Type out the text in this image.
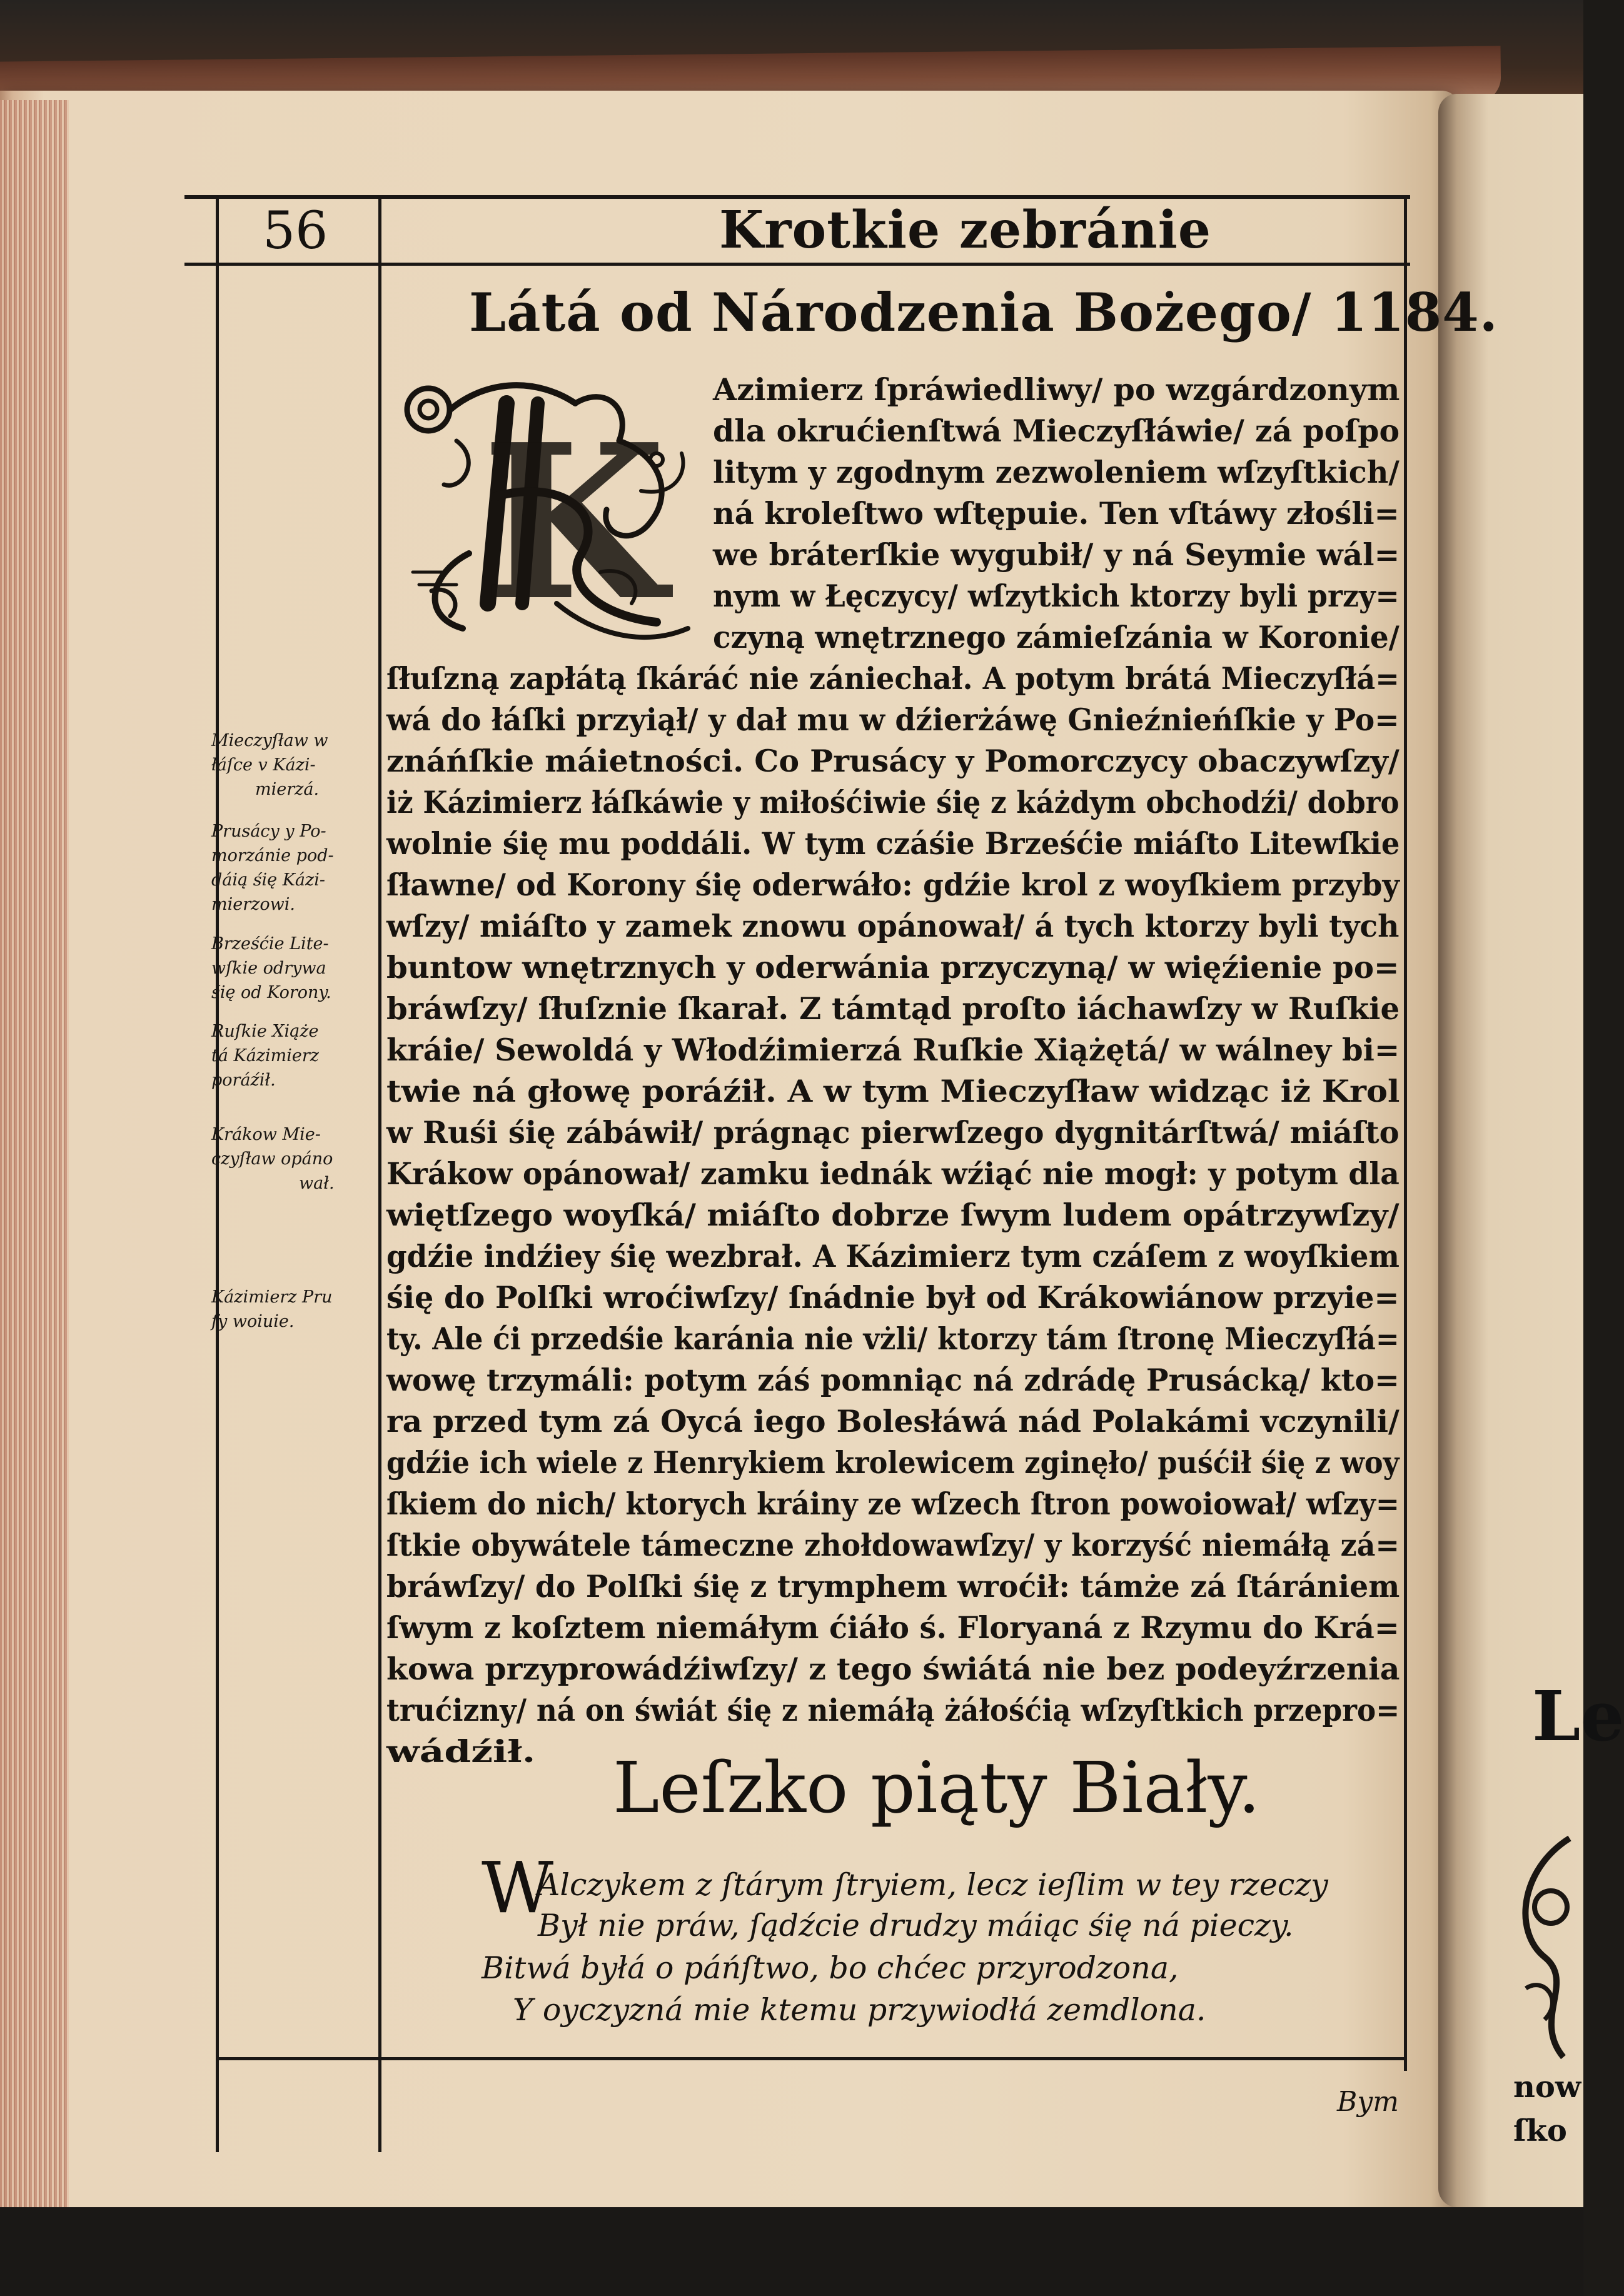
Le
now
ſko
56	Krotkie zebránie
Látá od Národzenia Bożego/ 1184.
K
Azimierz ſpráwiedliwy/ po wzgárdzonym
dla okrućienſtwá Mieczyſłáwie/ zá poſpo
litym y zgodnym zezwoleniem wſzyſtkich/
ná kroleſtwo wſtępuie. Ten vſtáwy złośli=
we bráterſkie wygubił/ y ná Seymie wál=
nym w Łęczycy/ wſzytkich ktorzy byli przy=
czyną wnętrznego zámieſzánia w Koronie/
ſłuſzną zapłátą ſkáráć nie zániechał. A potym brátá Mieczyſłá=
wá do łáſki przyiął/ y dał mu w dźierżáwę Gnieźnieńſkie y Po=
znáńſkie máietności. Co Prusácy y Pomorczycy obaczywſzy/
iż Kázimierz łáſkáwie y miłośćiwie śię z káżdym obchodźi/ dobro
wolnie śię mu poddáli. W tym czáśie Brześćie miáſto Litewſkie
ſławne/ od Korony śię oderwáło: gdźie krol z woyſkiem przyby
wſzy/ miáſto y zamek znowu opánował/ á tych ktorzy byli tych
buntow wnętrznych y oderwánia przyczyną/ w więźienie po=
bráwſzy/ ſłuſznie ſkarał. Z támtąd proſto iáchawſzy w Ruſkie
kráie/ Sewoldá y Włodźimierzá Ruſkie Xiążętá/ w wálney bi=
twie ná głowę poráźił. A w tym Mieczyſław widząc iż Krol
w Ruśi śię zábáwił/ prágnąc pierwſzego dygnitárſtwá/ miáſto
Krákow opánował/ zamku iednák wźiąć nie mogł: y potym dla
więtſzego woyſká/ miáſto dobrze ſwym ludem opátrzywſzy/
gdźie indźiey śię wezbrał. A Kázimierz tym czáſem z woyſkiem
śię do Polſki wroćiwſzy/ ſnádnie był od Krákowiánow przyie=
ty. Ale ći przedśie karánia nie vżli/ ktorzy tám ſtronę Mieczyſłá=
wowę trzymáli: potym záś pomniąc ná zdrádę Prusácką/ kto=
ra przed tym zá Oycá iego Bolesłáwá nád Polakámi vczynili/
gdźie ich wiele z Henrykiem krolewicem zginęło/ puśćił śię z woy
ſkiem do nich/ ktorych kráiny ze wſzech ſtron powoiował/ wſzy=
ſtkie obywátele támeczne zhołdowawſzy/ y korzyść niemáłą zá=
bráwſzy/ do Polſki śię z trymphem wroćił: támże zá ſtárániem
ſwym z koſztem niemáłym ćiáło ś. Floryaná z Rzymu do Krá=
kowa przyprowádźiwſzy/ z tego świátá nie bez podeyźrzenia
trućizny/ ná on świát śię z niemáłą żáłośćią wſzyſtkich przepro=
wádźił.
Mieczyſław w
łáſce v Kázi-
mierzá.
Prusácy y Po-
morzánie pod-
dáią śię Kázi-
mierzowi.
Brześćie Lite-
wſkie odrywa
śię od Korony.
Ruſkie Xiąże
tá Kázimierz
poráźił.
Krákow Mie-
czyſław opáno
wał.
Kázimierz Pru
ſy woiuie.
Leſzko piąty Biały.
W
Alczykem z ſtárym ſtryiem, lecz ieſlim w tey rzeczy
Był nie práw, ſądźcie drudzy máiąc śię ná pieczy.
Bitwá byłá o páńſtwo, bo chćec przyrodzona,
Y oyczyzná mie ktemu przywiodłá zemdlona.
Bym
